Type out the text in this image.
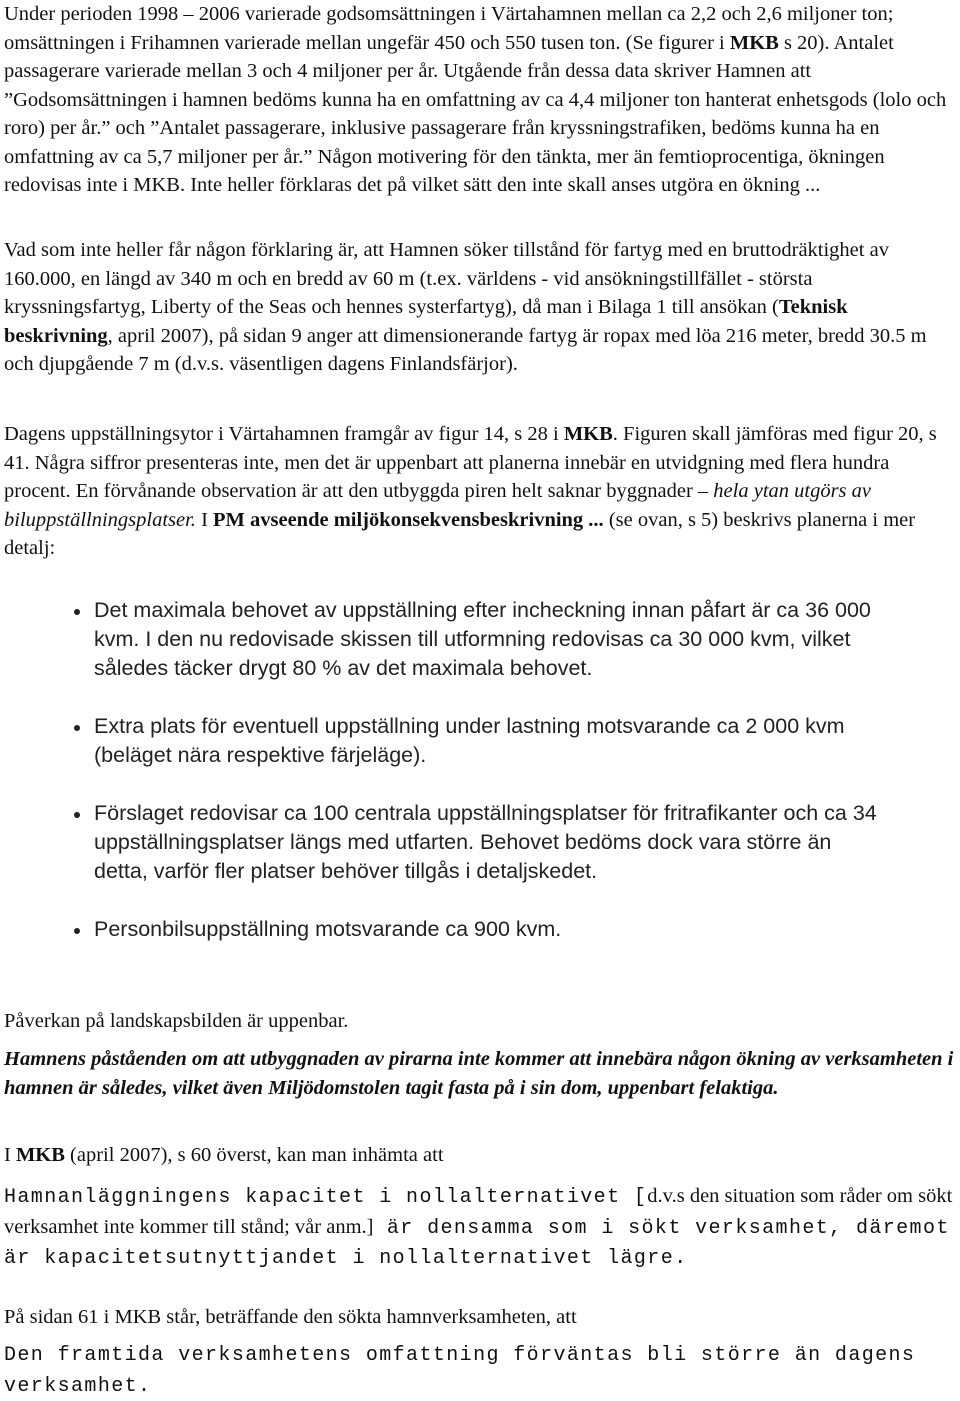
Under perioden 1998 – 2006 varierade godsomsättningen i Värtahamnen mellan ca 2,2 och 2,6 miljoner ton; omsättningen i Frihamnen varierade mellan ungefär 450 och 550 tusen ton. (Se figurer i MKB s 20). Antalet passagerare varierade mellan 3 och 4 miljoner per år. Utgående från dessa data skriver Hamnen att ”Godsomsättningen i hamnen bedöms kunna ha en omfattning av ca 4,4 miljoner ton hanterat enhetsgods (lolo och roro) per år.” och ”Antalet passagerare, inklusive passagerare från kryssningstrafiken, bedöms kunna ha en omfattning av ca 5,7 miljoner per år.” Någon motivering för den tänkta, mer än femtioprocentiga, ökningen redovisas inte i MKB. Inte heller förklaras det på vilket sätt den inte skall anses utgöra en ökning ...

Vad som inte heller får någon förklaring är, att Hamnen söker tillstånd för fartyg med en bruttodräktighet av 160.000, en längd av 340 m och en bredd av 60 m (t.ex. världens - vid ansökningstillfället - största kryssningsfartyg, Liberty of the Seas och hennes systerfartyg), då man i Bilaga 1 till ansökan (Teknisk beskrivning, april 2007), på sidan 9 anger att dimensionerande fartyg är ropax med löa 216 meter, bredd 30.5 m och djupgående 7 m (d.v.s. väsentligen dagens Finlandsfärjor).

Dagens uppställningsytor i Värtahamnen framgår av figur 14, s 28 i MKB. Figuren skall jämföras med figur 20, s 41. Några siffror presenteras inte, men det är uppenbart att planerna innebär en utvidgning med flera hundra procent. En förvånande observation är att den utbyggda piren helt saknar byggnader – hela ytan utgörs av biluppställningsplatser. I PM avseende miljökonsekvensbeskrivning ... (se ovan, s 5) beskrivs planerna i mer detalj:

Det maximala behovet av uppställning efter incheckning innan påfart är ca 36 000 kvm. I den nu redovisade skissen till utformning redovisas ca 30 000 kvm, vilket således täcker drygt 80 % av det maximala behovet.
Extra plats för eventuell uppställning under lastning motsvarande ca 2 000 kvm (beläget nära respektive färjeläge).
Förslaget redovisar ca 100 centrala uppställningsplatser för fritrafikanter och ca 34 uppställningsplatser längs med utfarten. Behovet bedöms dock vara större än detta, varför fler platser behöver tillgås i detaljskedet.
Personbilsuppställning motsvarande ca 900 kvm.

Påverkan på landskapsbilden är uppenbar.

Hamnens påståenden om att utbyggnaden av pirarna inte kommer att innebära någon ökning av verksamheten i hamnen är således, vilket även Miljödomstolen tagit fasta på i sin dom, uppenbart felaktiga.

I MKB (april 2007), s 60 överst, kan man inhämta att

Hamnanläggningens kapacitet i nollalternativet [d.v.s den situation som råder om sökt verksamhet inte kommer till stånd; vår anm.] är densamma som i sökt verksamhet, däremot är kapacitetsutnyttjandet i nollalternativet lägre.

På sidan 61 i MKB står, beträffande den sökta hamnverksamheten, att

Den framtida verksamhetens omfattning förväntas bli större än dagens verksamhet.
